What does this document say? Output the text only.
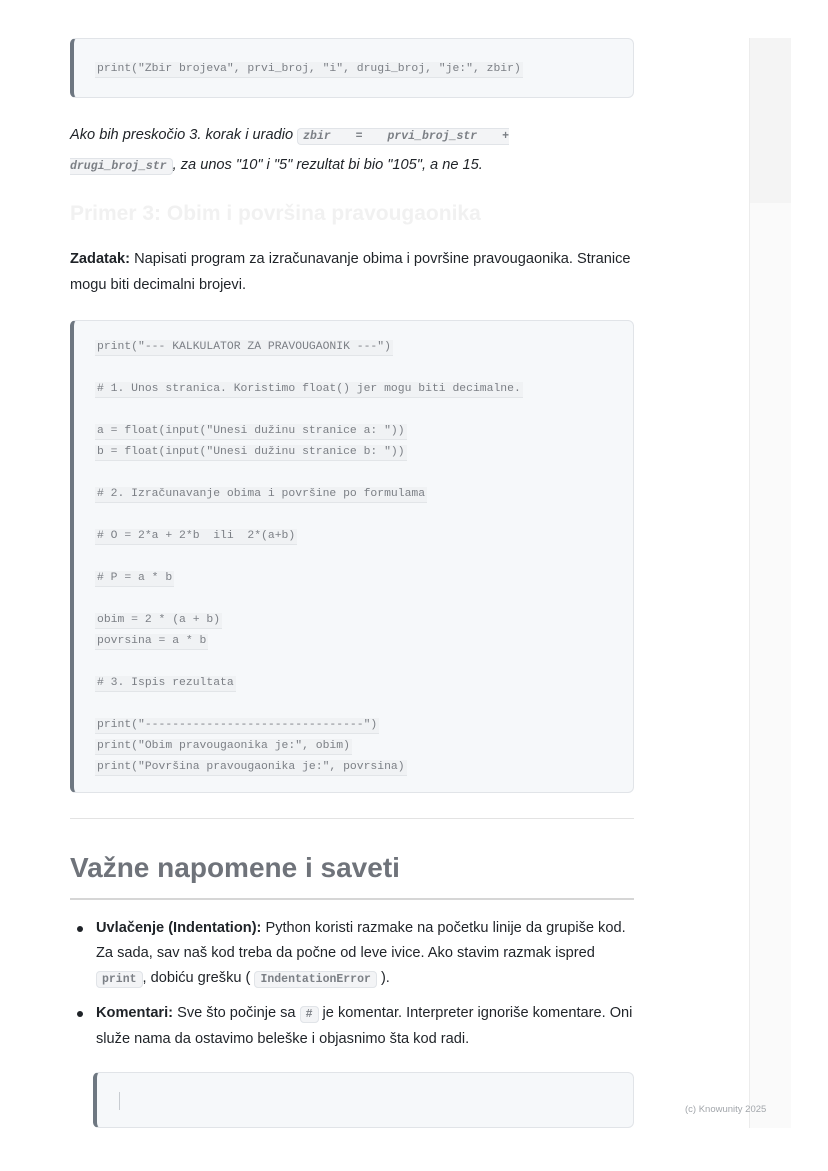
print("Zbir brojeva", prvi_broj, "i", drugi_broj, "je:", zbir)

Ako bih preskočio 3. korak i uradio zbir = prvi_broj_str + drugi_broj_str , za unos "10" i "5" rezultat bi bio "105", a ne 15.

Primer 3: Obim i površina pravougaonika

Zadatak: Napisati program za izračunavanje obima i površine pravougaonika. Stranice mogu biti decimalni brojevi.

print("--- KALKULATOR ZA PRAVOUGAONIK ---")
# 1. Unos stranica. Koristimo float() jer mogu biti decimalne.
a = float(input("Unesi dužinu stranice a: "))
b = float(input("Unesi dužinu stranice b: "))
# 2. Izračunavanje obima i površine po formulama
# O = 2*a + 2*b  ili  2*(a+b)
# P = a * b
obim = 2 * (a + b)
povrsina = a * b
# 3. Ispis rezultata
print("--------------------------------")
print("Obim pravougaonika je:", obim)
print("Površina pravougaonika je:", povrsina)
Važne napomene i saveti
Uvlačenje (Indentation): Python koristi razmake na početku linije da grupiše kod. Za sada, sav naš kod treba da počne od leve ivice. Ako stavim razmak ispred print , dobiću grešku ( IndentationError ).
Komentari: Sve što počinje sa # je komentar. Interpreter ignoriše komentare. Oni služe nama da ostavimo beleške i objasnimo šta kod radi.
(c) Knowunity 2025
